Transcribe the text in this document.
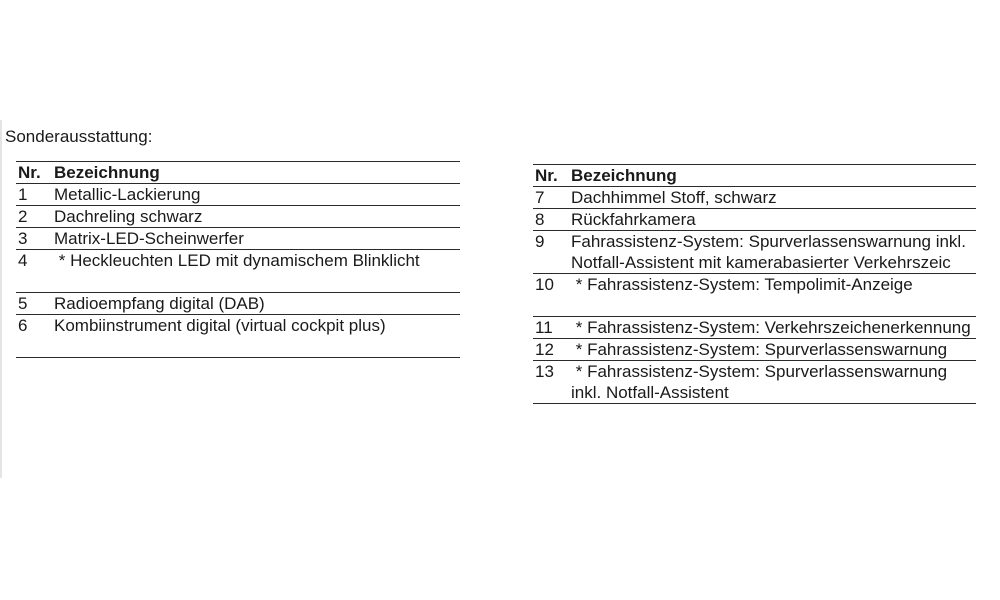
Sonderausstattung:
Nr.	Bezeichnung
1	Metallic-Lackierung
2	Dachreling schwarz
3	Matrix-LED-Scheinwerfer
4	* Heckleuchten LED mit dynamischem Blinklicht
5	Radioempfang digital (DAB)
6	Kombiinstrument digital (virtual cockpit plus)
Nr.	Bezeichnung
7	Dachhimmel Stoff, schwarz
8	Rückfahrkamera
9	Fahrassistenz-System: Spurverlassenswarnung inkl. Notfall-Assistent mit kamerabasierter Verkehrszeic
10	* Fahrassistenz-System: Tempolimit-Anzeige
11	* Fahrassistenz-System: Verkehrszeichenerkennung
12	* Fahrassistenz-System: Spurverlassenswarnung
13	* Fahrassistenz-System: Spurverlassenswarnung inkl. Notfall-Assistent
